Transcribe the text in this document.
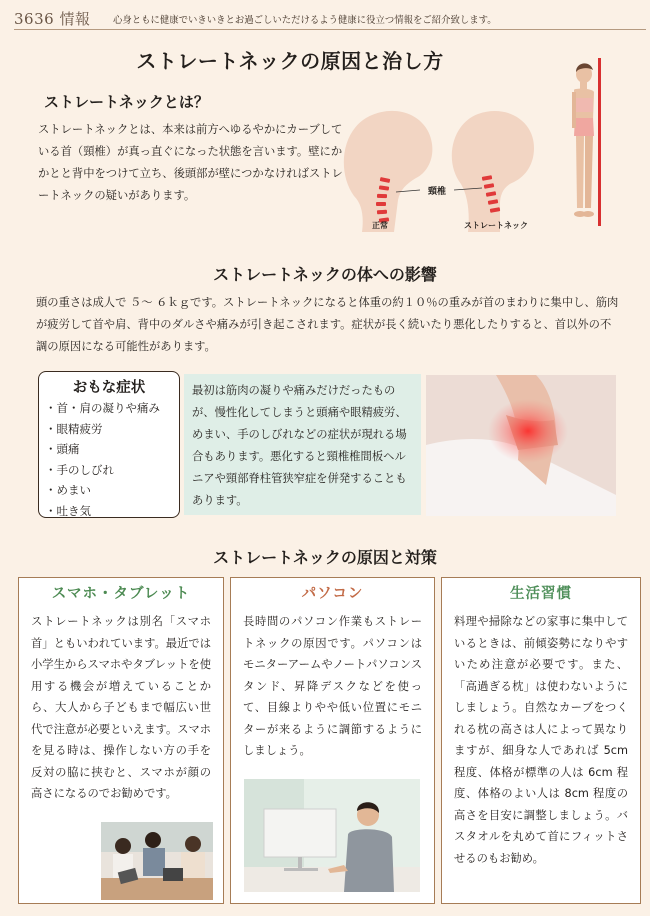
3636 情報 心身ともに健康でいきいきとお過ごしいただけるよう健康に役立つ情報をご紹介致します。
ストレートネックの原因と治し方
ストレートネックとは？
ストレートネックとは、本来は前方へゆるやかにカーブしている首（頸椎）が真っ直ぐになった状態を言います。壁にかかとと背中をつけて立ち、後頭部が壁につかなければストレートネックの疑いがあります。	頸椎
正常	ストレートネック
ストレートネックの体への影響
頭の重さは成人で ５～ ６ｋｇです。ストレートネックになると体重の約１０％の重みが首のまわりに集中し、筋肉が疲労して首や肩、背中のダルさや痛みが引き起こされます。症状が長く続いたり悪化したりすると、首以外の不調の原因になる可能性があります。
おもな症状
・首・肩の凝りや痛み
・眼精疲労
・頭痛
・手のしびれ
・めまい
・吐き気
最初は筋肉の凝りや痛みだけだったものが、慢性化してしまうと頭痛や眼精疲労、めまい、手のしびれなどの症状が現れる場合もあります。悪化すると頸椎椎間板ヘルニアや頸部脊柱管狭窄症を併発することもあります。
ストレートネックの原因と対策
スマホ・タブレット
ストレートネックは別名「スマホ首」ともいわれています。最近では小学生からスマホやタブレットを使用する機会が増えていることから、大人から子どもまで幅広い世代で注意が必要といえます。スマホを見る時は、操作しない方の手を反対の脇に挟むと、スマホが顔の高さになるのでお勧めです。
パソコン
長時間のパソコン作業もストレートネックの原因です。パソコンはモニターアームやノートパソコンスタンド、昇降デスクなどを使って、目線よりやや低い位置にモニターが来るように調節するようにしましょう。
生活習慣
料理や掃除などの家事に集中しているときは、前傾姿勢になりやすいため注意が必要です。また、「高過ぎる枕」は使わないようにしましょう。自然なカーブをつくれる枕の高さは人によって異なりますが、細身な人であれば 5cm 程度、体格が標準の人は 6cm 程度、体格のよい人は 8cm 程度の高さを目安に調整しましょう。バスタオルを丸めて首にフィットさせるのもお勧め。
